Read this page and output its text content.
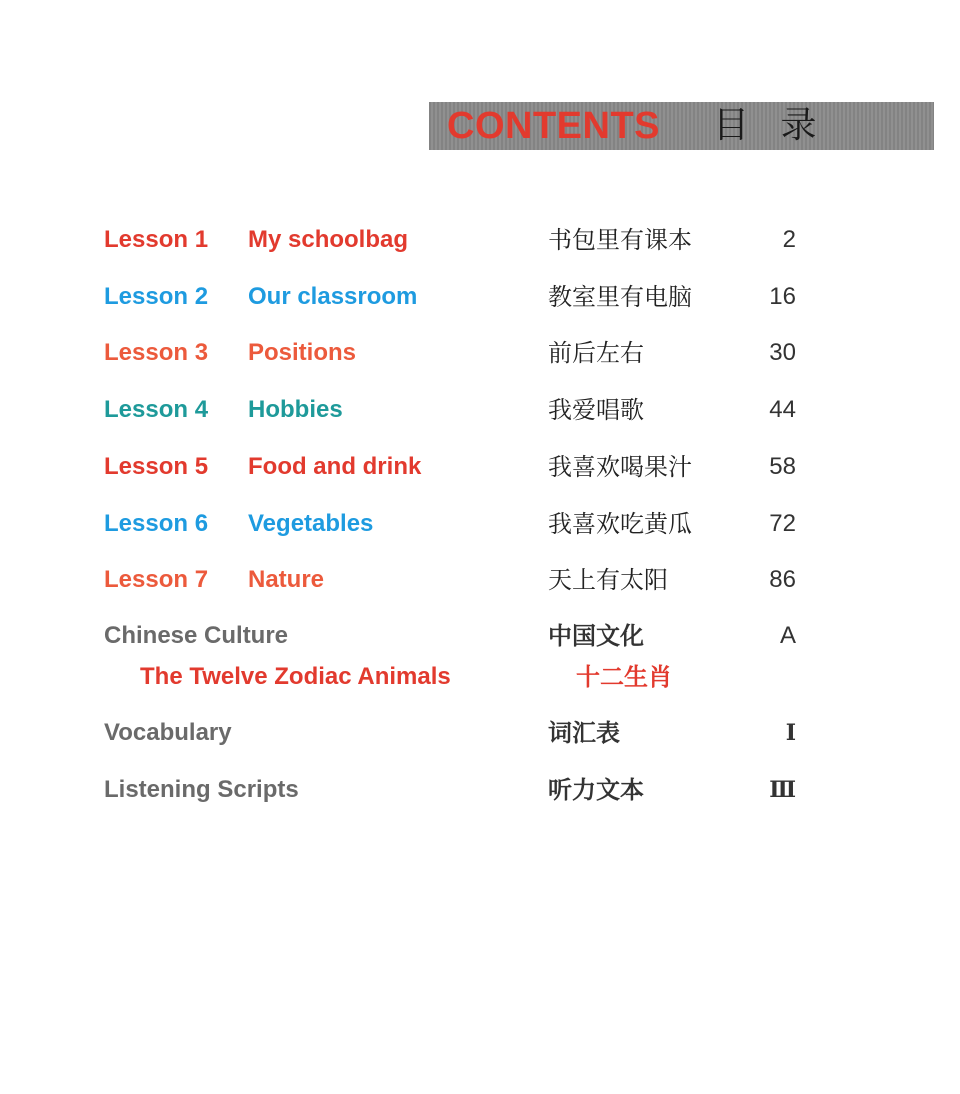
CONTENTS 目 录
Lesson 1 My schoolbag	书包里有课本	2
Lesson 2 Our classroom	教室里有电脑	16
Lesson 3 Positions	前后左右	30
Lesson 4 Hobbies	我爱唱歌	44
Lesson 5 Food and drink	我喜欢喝果汁	58
Lesson 6 Vegetables	我喜欢吃黄瓜	72
Lesson 7 Nature	天上有太阳	86
Chinese Culture	中国文化	A
The Twelve Zodiac Animals	十二生肖
Vocabulary	词汇表	I
Listening Scripts	听力文本	Ⅲ
